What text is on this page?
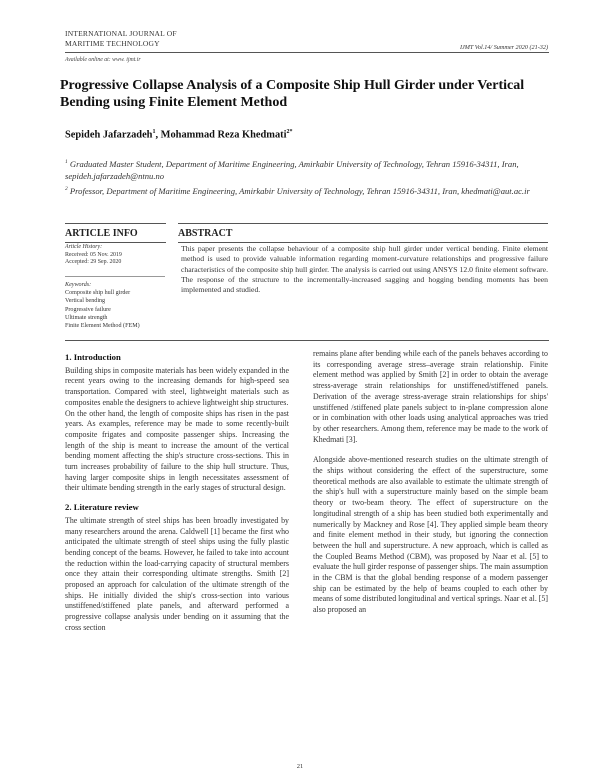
INTERNATIONAL JOURNAL OF
MARITIME TECHNOLOGY	IJMT Vol.14/ Summer 2020 (21-32)
Available online at: www. ijmt.ir
Progressive Collapse Analysis of a Composite Ship Hull Girder under Vertical Bending using Finite Element Method
Sepideh Jafarzadeh$^1$, Mohammad Reza Khedmati$^{2*}$
$^1$ Graduated Master Student, Department of Maritime Engineering, Amirkabir University of Technology, Tehran 15916-34311, Iran, sepideh.jafarzadeh@ntnu.no
$^2$ Professor, Department of Maritime Engineering, Amirkabir University of Technology, Tehran 15916-34311, Iran, khedmati@aut.ac.ir
ARTICLE INFO	ABSTRACT
Article History:
Received: 05 Nov. 2019
Accepted: 29 Sep. 2020
Keywords:
Composite ship hull girder
Vertical bending
Progressive failure
Ultimate strength
Finite Element Method (FEM)
This paper presents the collapse behaviour of a composite ship hull girder under vertical bending. Finite element method is used to provide valuable information regarding moment-curvature relationships and progressive failure characteristics of the composite ship hull girder. The analysis is carried out using ANSYS 12.0 finite element software. The response of the structure to the incrementally-increased sagging and hogging bending moments has been implemented and studied.
1. Introduction

Building ships in composite materials has been widely expanded in the recent years owing to the increasing demands for high-speed sea transportation. Compared with steel, lightweight materials such as composites enable the designers to achieve lightweight ship structures.

On the other hand, the length of composite ships has risen in the past years. As examples, reference may be made to some recently-built composite frigates and composite passenger ships. Increasing the length of the ship is meant to increase the amount of the vertical bending moment affecting the ship's structure cross-sections. This in turn increases probability of failure to the ship hull structure. Thus, having larger composite ships in length necessitates assessment of their ultimate bending strength in the early stages of structural design.

2. Literature review

The ultimate strength of steel ships has been broadly investigated by many researchers around the arena. Caldwell [1] became the first who anticipated the ultimate strength of steel ships using the fully plastic bending concept of the beams. However, he failed to take into account the reduction within the load-carrying capacity of structural members once they attain their corresponding ultimate strengths. Smith [2] proposed an approach for calculation of the ultimate strength of the ships. He initially divided the ship's cross-section into various unstiffened/stiffened plate panels, and afterward performed a progressive collapse analysis under bending on it assuming that the cross section

remains plane after bending while each of the panels behaves according to its corresponding average stress–average strain relationship. Finite element method was applied by Smith [2] in order to obtain the average stress-average strain relationships for unstiffened/stiffened panels. Derivation of the average stress-average strain relationships for ships' unstiffened /stiffened plate panels subject to in-plane compression alone or in combination with other loads using analytical approaches was tried by other researchers. Among them, reference may be made to the work of Khedmati [3].

Alongside above-mentioned research studies on the ultimate strength of the ships without considering the effect of the superstructure, some theoretical methods are also available to estimate the ultimate strength of the ship's hull with a superstructure mainly based on the simple beam theory or two-beam theory. The effect of superstructure on the longitudinal strength of a ship has been studied both experimentally and numerically by Mackney and Rose [4]. They applied simple beam theory and finite element method in their study, but ignoring the connection between the hull and superstructure. A new approach, which is called as the Coupled Beams Method (CBM), was proposed by Naar et al. [5] to evaluate the hull girder response of passenger ships. The main assumption in the CBM is that the global bending response of a modern passenger ship can be estimated by the help of beams coupled to each other by means of some distributed longitudinal and vertical springs. Naar et al. [5] also proposed an

21
